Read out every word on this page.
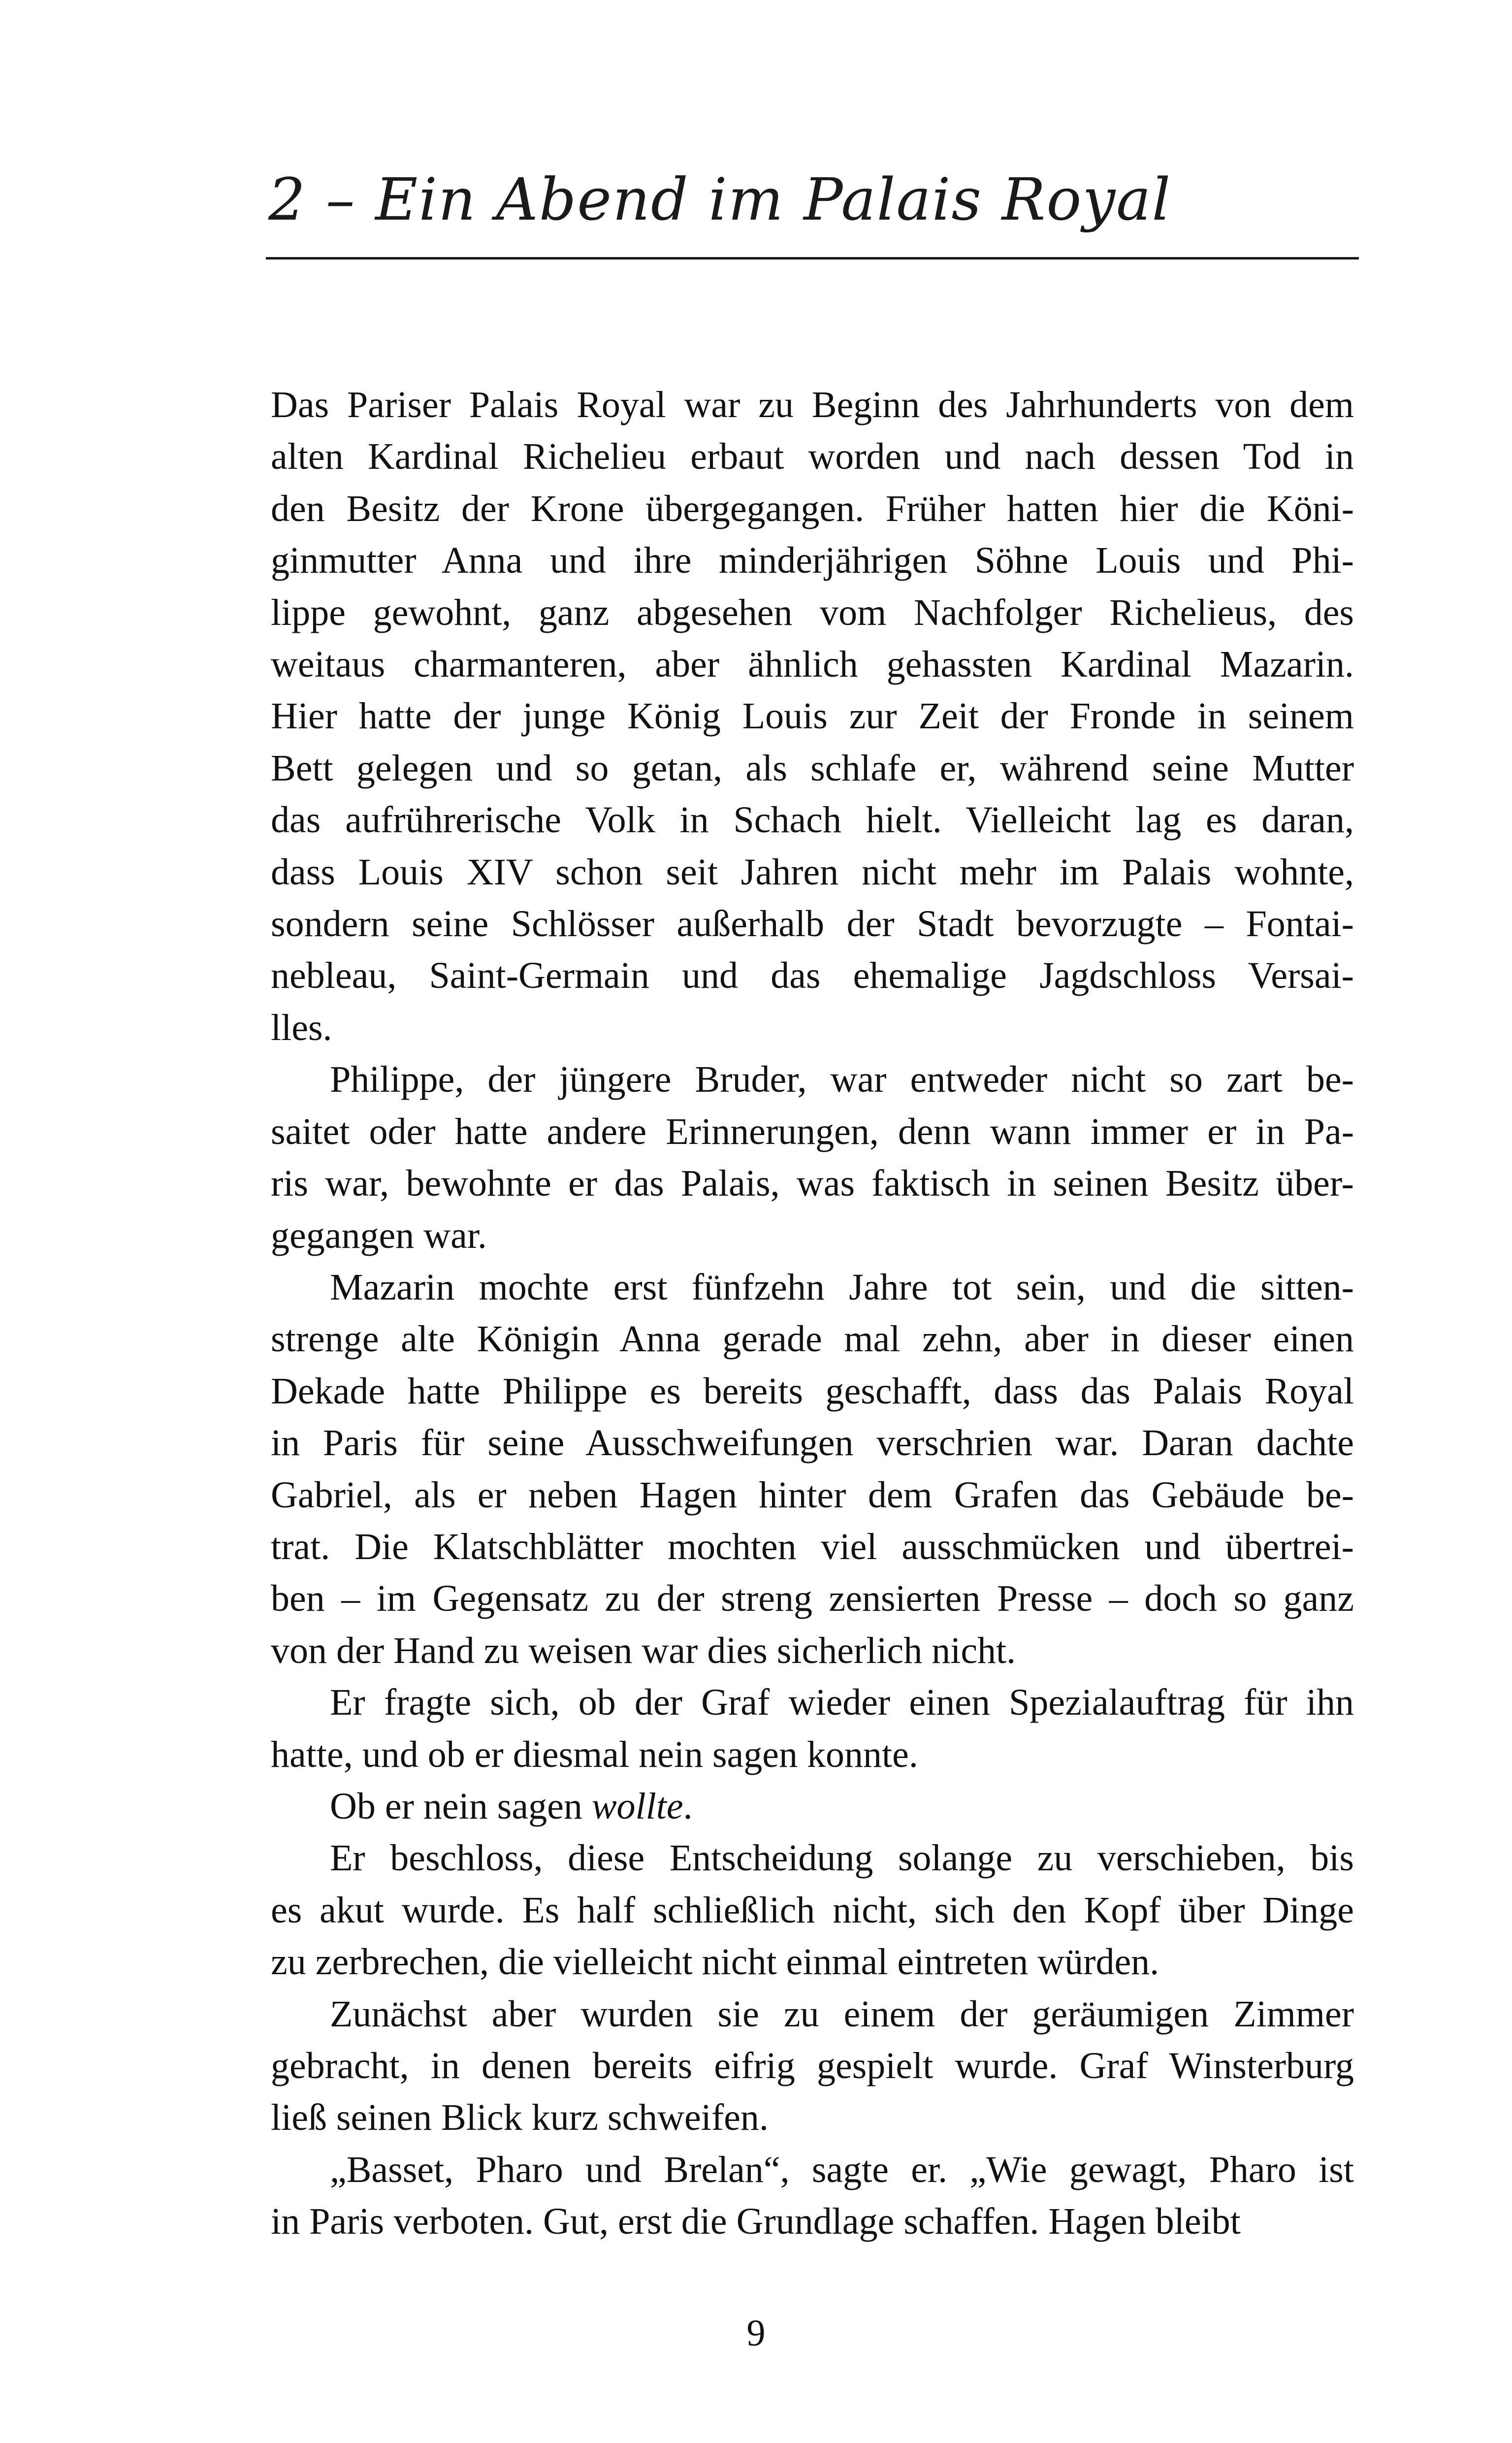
2 – Ein Abend im Palais Royal

Das Pariser Palais Royal war zu Beginn des Jahrhunderts von dem
alten Kardinal Richelieu erbaut worden und nach dessen Tod in
den Besitz der Krone übergegangen. Früher hatten hier die Köni-
ginmutter Anna und ihre minderjährigen Söhne Louis und Phi-
lippe gewohnt, ganz abgesehen vom Nachfolger Richelieus, des
weitaus charmanteren, aber ähnlich gehassten Kardinal Mazarin.
Hier hatte der junge König Louis zur Zeit der Fronde in seinem
Bett gelegen und so getan, als schlafe er, während seine Mutter
das aufrührerische Volk in Schach hielt. Vielleicht lag es daran,
dass Louis XIV schon seit Jahren nicht mehr im Palais wohnte,
sondern seine Schlösser außerhalb der Stadt bevorzugte – Fontai-
nebleau, Saint-Germain und das ehemalige Jagdschloss Versai-
lles.

Philippe, der jüngere Bruder, war entweder nicht so zart be-
saitet oder hatte andere Erinnerungen, denn wann immer er in Pa-
ris war, bewohnte er das Palais, was faktisch in seinen Besitz über-
gegangen war.

Mazarin mochte erst fünfzehn Jahre tot sein, und die sitten-
strenge alte Königin Anna gerade mal zehn, aber in dieser einen
Dekade hatte Philippe es bereits geschafft, dass das Palais Royal
in Paris für seine Ausschweifungen verschrien war. Daran dachte
Gabriel, als er neben Hagen hinter dem Grafen das Gebäude be-
trat. Die Klatschblätter mochten viel ausschmücken und übertrei-
ben – im Gegensatz zu der streng zensierten Presse – doch so ganz
von der Hand zu weisen war dies sicherlich nicht.

Er fragte sich, ob der Graf wieder einen Spezialauftrag für ihn
hatte, und ob er diesmal nein sagen konnte.

Ob er nein sagen wollte.

Er beschloss, diese Entscheidung solange zu verschieben, bis
es akut wurde. Es half schließlich nicht, sich den Kopf über Dinge
zu zerbrechen, die vielleicht nicht einmal eintreten würden.

Zunächst aber wurden sie zu einem der geräumigen Zimmer
gebracht, in denen bereits eifrig gespielt wurde. Graf Winsterburg
ließ seinen Blick kurz schweifen.

„Basset, Pharo und Brelan“, sagte er. „Wie gewagt, Pharo ist
in Paris verboten. Gut, erst die Grundlage schaffen. Hagen bleibt

9
